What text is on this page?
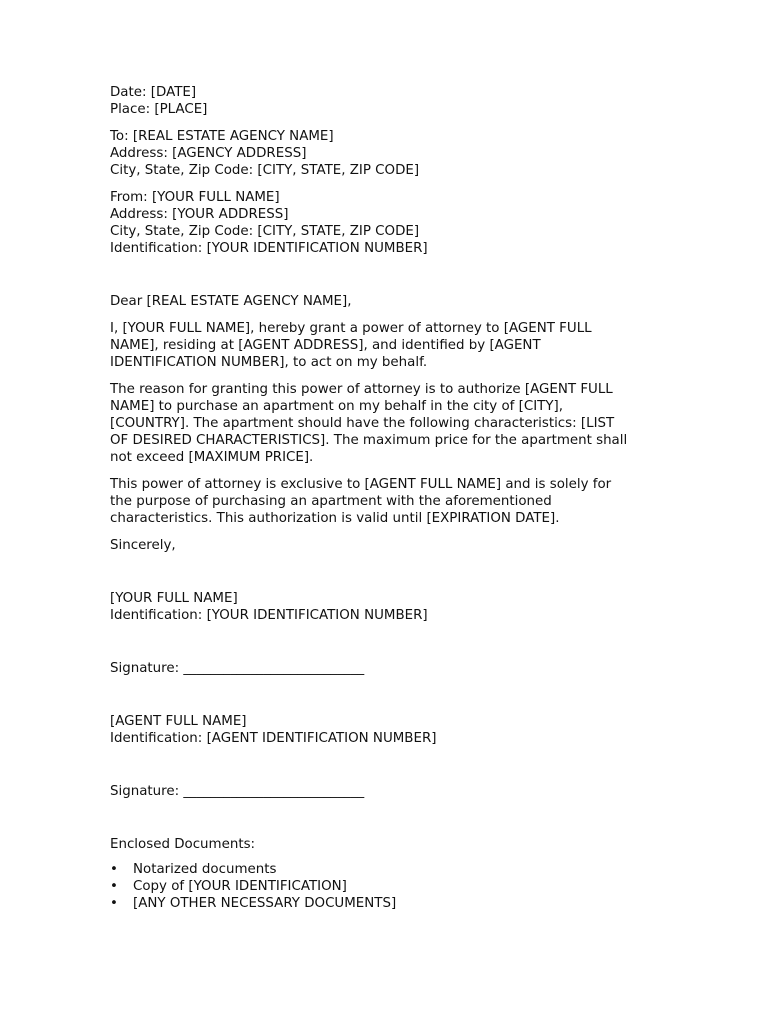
Date: [DATE]
Place: [PLACE]
To: [REAL ESTATE AGENCY NAME]
Address: [AGENCY ADDRESS]
City, State, Zip Code: [CITY, STATE, ZIP CODE]
From: [YOUR FULL NAME]
Address: [YOUR ADDRESS]
City, State, Zip Code: [CITY, STATE, ZIP CODE]
Identification: [YOUR IDENTIFICATION NUMBER]
Dear [REAL ESTATE AGENCY NAME],
I, [YOUR FULL NAME], hereby grant a power of attorney to [AGENT FULL
NAME], residing at [AGENT ADDRESS], and identified by [AGENT
IDENTIFICATION NUMBER], to act on my behalf.
The reason for granting this power of attorney is to authorize [AGENT FULL
NAME] to purchase an apartment on my behalf in the city of [CITY],
[COUNTRY]. The apartment should have the following characteristics: [LIST
OF DESIRED CHARACTERISTICS]. The maximum price for the apartment shall
not exceed [MAXIMUM PRICE].
This power of attorney is exclusive to [AGENT FULL NAME] and is solely for
the purpose of purchasing an apartment with the aforementioned
characteristics. This authorization is valid until [EXPIRATION DATE].
Sincerely,
[YOUR FULL NAME]
Identification: [YOUR IDENTIFICATION NUMBER]
Signature: ___________________________
[AGENT FULL NAME]
Identification: [AGENT IDENTIFICATION NUMBER]
Signature: ___________________________
Enclosed Documents:
• Notarized documents
• Copy of [YOUR IDENTIFICATION]
• [ANY OTHER NECESSARY DOCUMENTS]
